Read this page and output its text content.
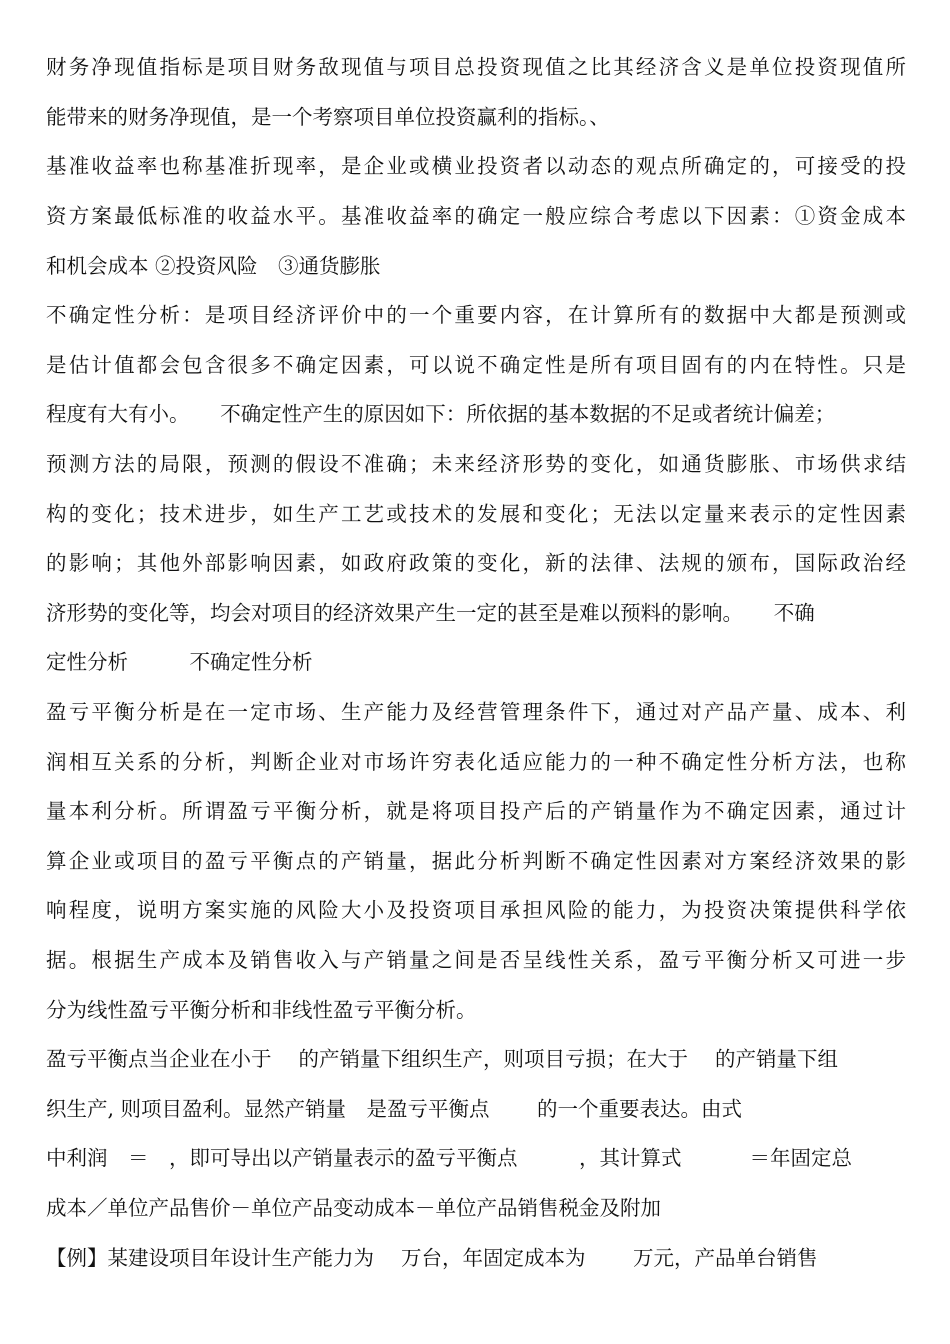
财务净现值指标是项目财务敌现值与项目总投资现值之比其经济含义是单位投资现值所
能带来的财务净现值，是一个考察项目单位投资赢利的指标。、
基准收益率也称基准折现率，是企业或横业投资者以动态的观点所确定的，可接受的投
资方案最低标准的收益水平。基准收益率的确定一般应综合考虑以下因素：①资金成本
和机会成本 ②投资风险　③通货膨胀
不确定性分析：是项目经济评价中的一个重要内容，在计算所有的数据中大都是预测或
是估计值都会包含很多不确定因素，可以说不确定性是所有项目固有的内在特性。只是
程度有大有小。　　不确定性产生的原因如下：所依据的基本数据的不足或者统计偏差；
预测方法的局限，预测的假设不准确；未来经济形势的变化，如通货膨胀、市场供求结
构的变化；技术进步，如生产工艺或技术的发展和变化；无法以定量来表示的定性因素
的影响；其他外部影响因素，如政府政策的变化，新的法律、法规的颁布，国际政治经
济形势的变化等，均会对项目的经济效果产生一定的甚至是难以预料的影响。　　不确
定性分析　　　不确定性分析
盈亏平衡分析是在一定市场、生产能力及经营管理条件下，通过对产品产量、成本、利
润相互关系的分析，判断企业对市场许穷表化适应能力的一种不确定性分析方法，也称
量本利分析。所谓盈亏平衡分析，就是将项目投产后的产销量作为不确定因素，通过计
算企业或项目的盈亏平衡点的产销量，据此分析判断不确定性因素对方案经济效果的影
响程度，说明方案实施的风险大小及投资项目承担风险的能力，为投资决策提供科学依
据。根据生产成本及销售收入与产销量之间是否呈线性关系，盈亏平衡分析又可进一步
分为线性盈亏平衡分析和非线性盈亏平衡分析。
盈亏平衡点当企业在小于　 的产销量下组织生产，则项目亏损；在大于　 的产销量下组
织生产, 则项目盈利。显然产销量　是盈亏平衡点　　 的一个重要表达。由式
中利润　＝　，即可导出以产销量表示的盈亏平衡点　　　，其计算式　　　 ＝年固定总
成本／单位产品售价－单位产品变动成本－单位产品销售税金及附加
【例】某建设项目年设计生产能力为　 万台，年固定成本为　　 万元，产品单台销售
